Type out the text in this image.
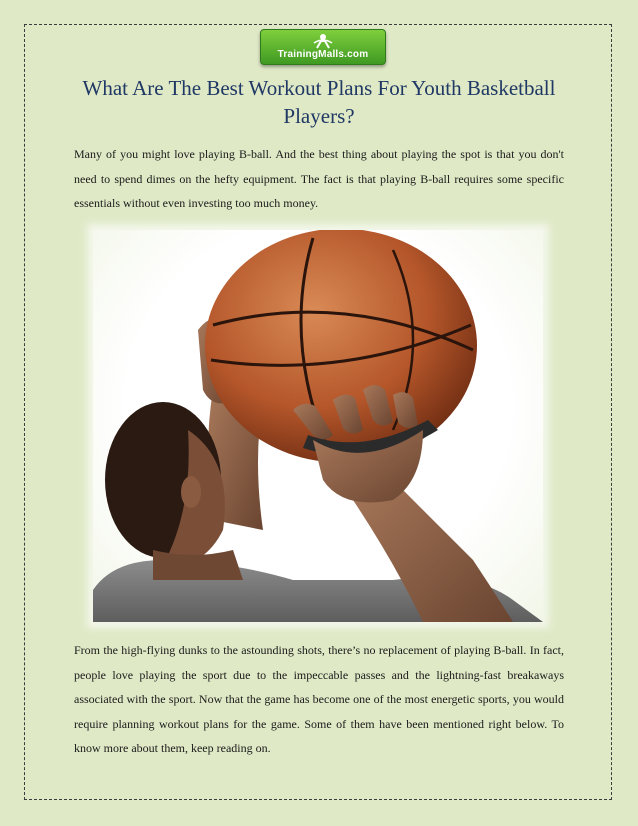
TrainingMalls.com
What Are The Best Workout Plans For Youth Basketball Players?

Many of you might love playing B-ball. And the best thing about playing the spot is that you don't need to spend dimes on the hefty equipment. The fact is that playing B-ball requires some specific essentials without even investing too much money.

From the high-flying dunks to the astounding shots, there’s no replacement of playing B-ball. In fact, people love playing the sport due to the impeccable passes and the lightning-fast breakaways associated with the sport. Now that the game has become one of the most energetic sports, you would require planning workout plans for the game. Some of them have been mentioned right below. To know more about them, keep reading on.
